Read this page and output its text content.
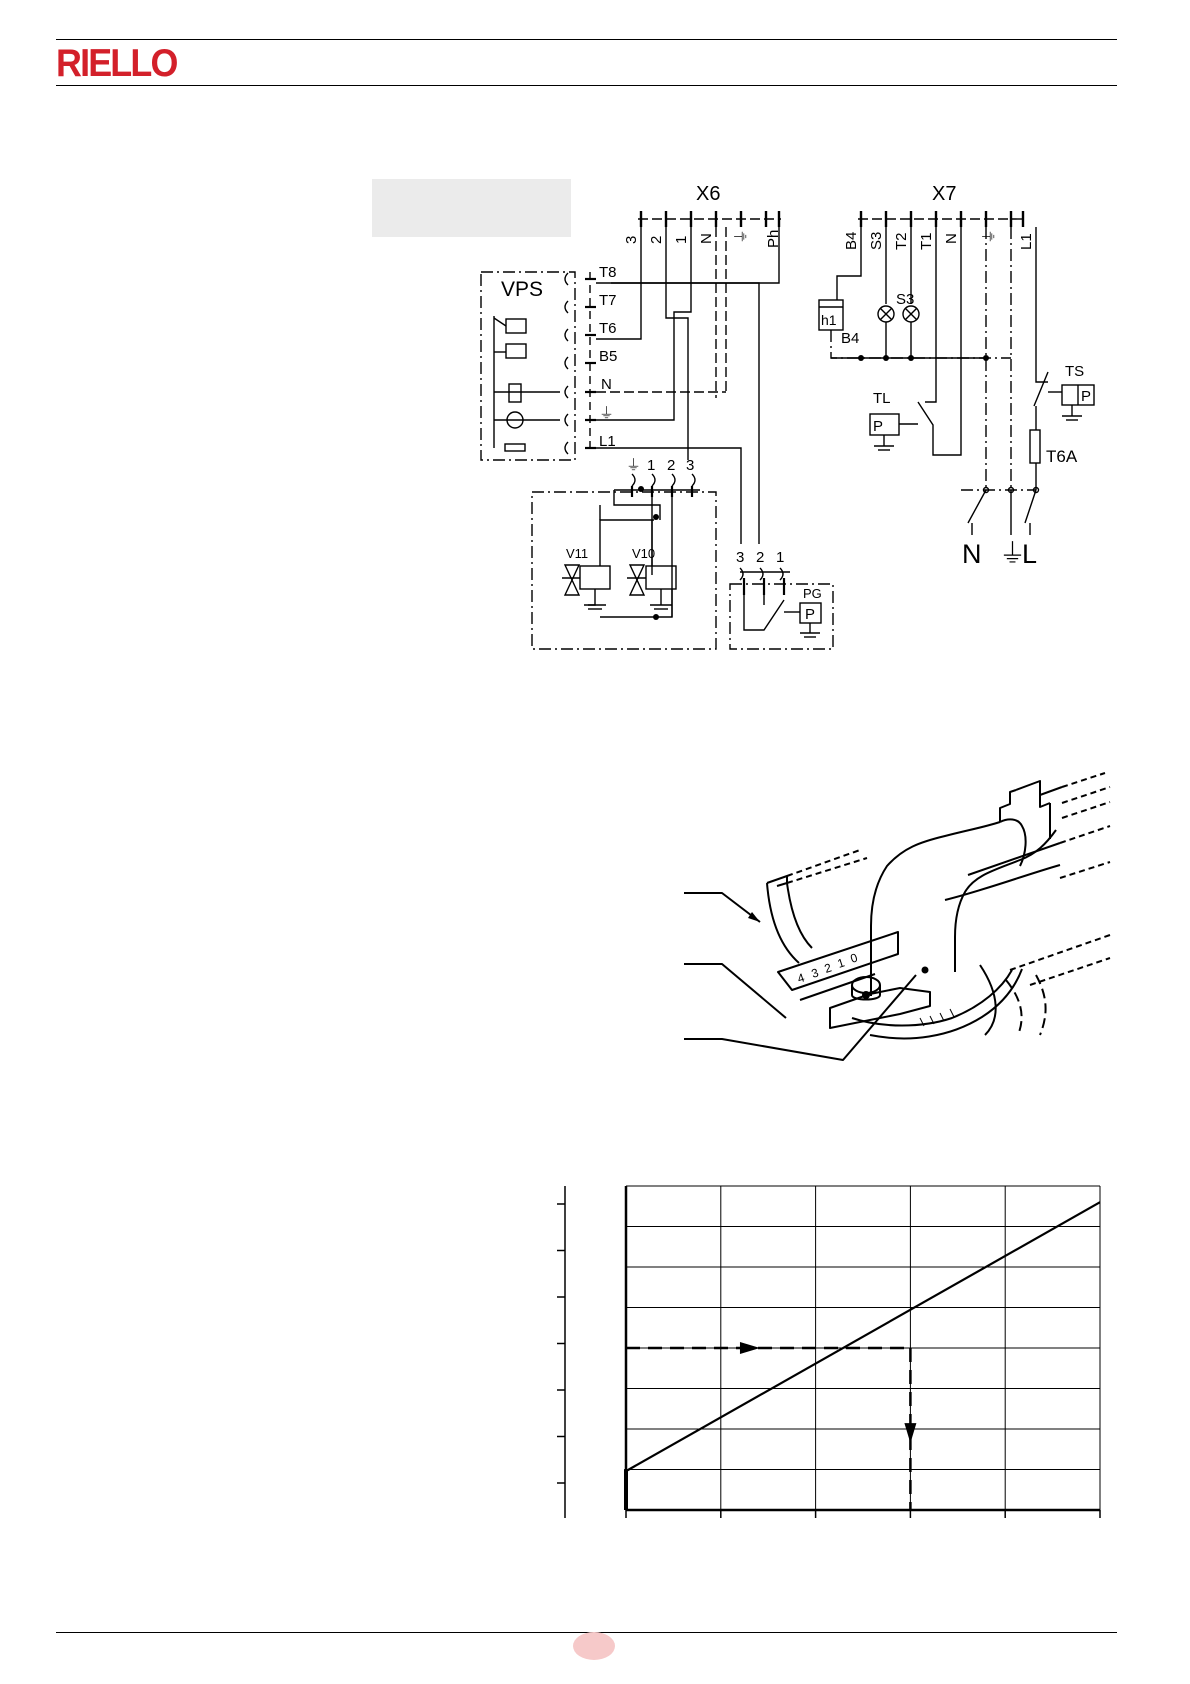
RIELLO
X6	X7
3 2 1 N ⏚ Ph	B4 S3 T2 T1 N ⏚ L1
VPS
T8
T7
T6
B5
N
⏚
L1
⏚ 1 2 3
V11	V10
PG
P
3 2 1
h1
B4
S3
TL
P
TS
P
T6A
N ⏚
L
4 3 2 1 0
